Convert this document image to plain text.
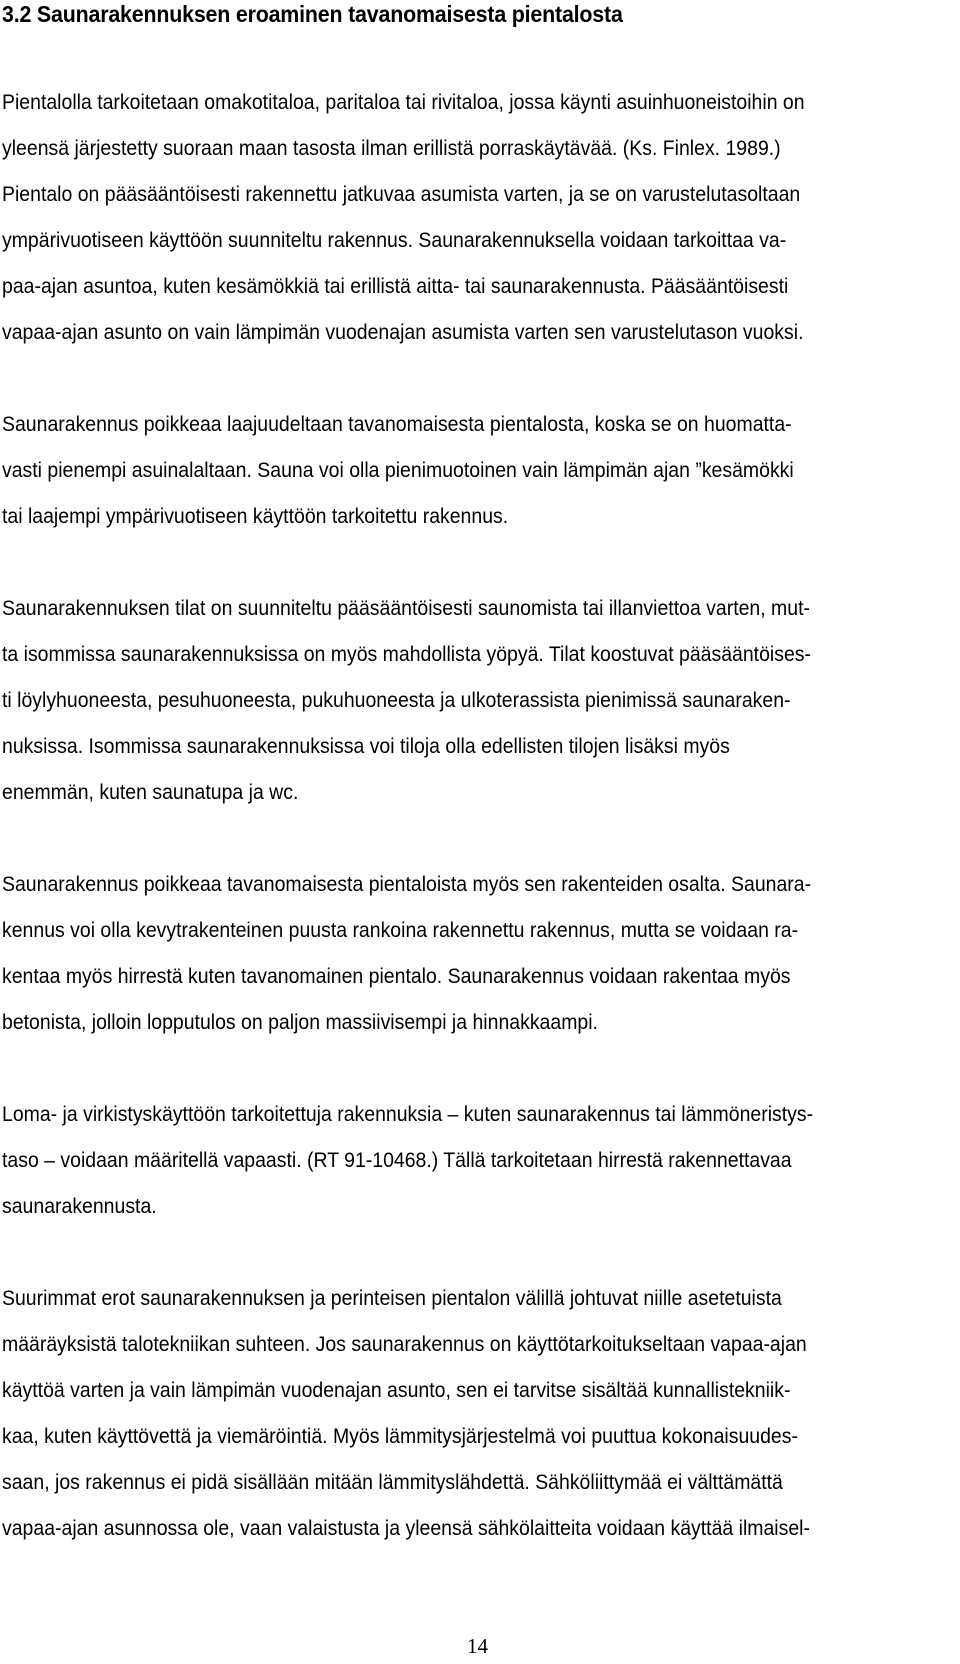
3.2 Saunarakennuksen eroaminen tavanomaisesta pientalosta
Pientalolla tarkoitetaan omakotitaloa, paritaloa tai rivitaloa, jossa käynti asuinhuoneistoihin on
yleensä järjestetty suoraan maan tasosta ilman erillistä porraskäytävää. (Ks. Finlex. 1989.)
Pientalo on pääsääntöisesti rakennettu jatkuvaa asumista varten, ja se on varustelutasoltaan
ympärivuotiseen käyttöön suunniteltu rakennus. Saunarakennuksella voidaan tarkoittaa va-
paa-ajan asuntoa, kuten kesämökkiä tai erillistä aitta- tai saunarakennusta. Pääsääntöisesti
vapaa-ajan asunto on vain lämpimän vuodenajan asumista varten sen varustelutason vuoksi.
Saunarakennus poikkeaa laajuudeltaan tavanomaisesta pientalosta, koska se on huomatta-
vasti pienempi asuinalaltaan. Sauna voi olla pienimuotoinen vain lämpimän ajan ”kesämökki
tai laajempi ympärivuotiseen käyttöön tarkoitettu rakennus.
Saunarakennuksen tilat on suunniteltu pääsääntöisesti saunomista tai illanviettoa varten, mut-
ta isommissa saunarakennuksissa on myös mahdollista yöpyä. Tilat koostuvat pääsääntöises-
ti löylyhuoneesta, pesuhuoneesta, pukuhuoneesta ja ulkoterassista pienimissä saunaraken-
nuksissa. Isommissa saunarakennuksissa voi tiloja olla edellisten tilojen lisäksi myös
enemmän, kuten saunatupa ja wc.
Saunarakennus poikkeaa tavanomaisesta pientaloista myös sen rakenteiden osalta. Saunara-
kennus voi olla kevytrakenteinen puusta rankoina rakennettu rakennus, mutta se voidaan ra-
kentaa myös hirrestä kuten tavanomainen pientalo. Saunarakennus voidaan rakentaa myös
betonista, jolloin lopputulos on paljon massiivisempi ja hinnakkaampi.
Loma- ja virkistyskäyttöön tarkoitettuja rakennuksia – kuten saunarakennus tai lämmöneristys-
taso – voidaan määritellä vapaasti. (RT 91-10468.) Tällä tarkoitetaan hirrestä rakennettavaa
saunarakennusta.
Suurimmat erot saunarakennuksen ja perinteisen pientalon välillä johtuvat niille asetetuista
määräyksistä talotekniikan suhteen. Jos saunarakennus on käyttötarkoitukseltaan vapaa-ajan
käyttöä varten ja vain lämpimän vuodenajan asunto, sen ei tarvitse sisältää kunnallistekniik-
kaa, kuten käyttövettä ja viemäröintiä. Myös lämmitysjärjestelmä voi puuttua kokonaisuudes-
saan, jos rakennus ei pidä sisällään mitään lämmityslähdettä. Sähköliittymää ei välttämättä
vapaa-ajan asunnossa ole, vaan valaistusta ja yleensä sähkölaitteita voidaan käyttää ilmaisel-
14
